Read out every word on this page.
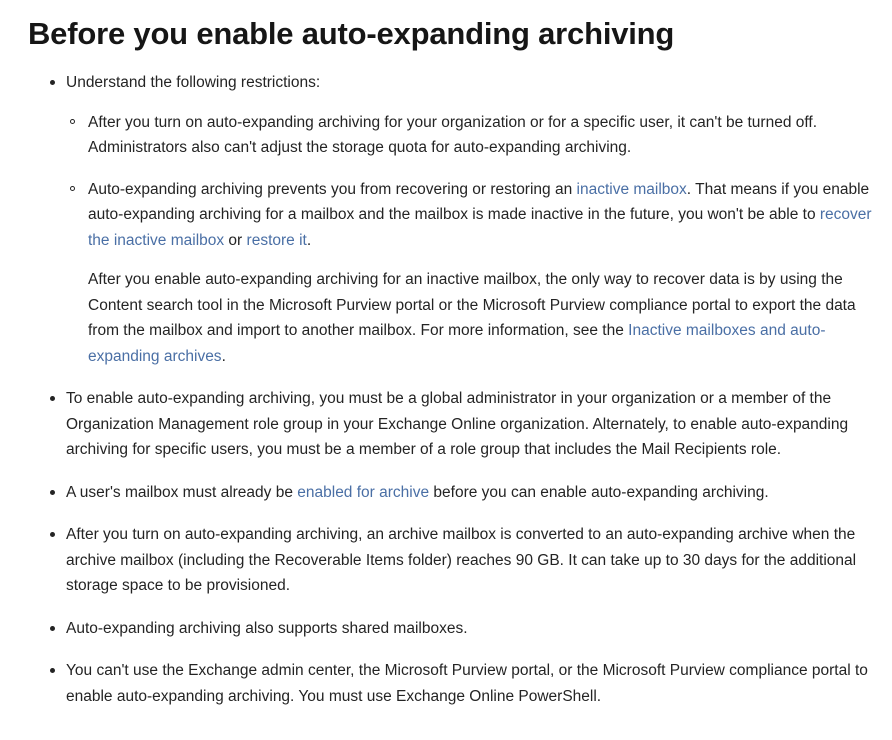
Before you enable auto-expanding archiving
Understand the following restrictions:
After you turn on auto-expanding archiving for your organization or for a specific user, it can't be turned off. Administrators also can't adjust the storage quota for auto-expanding archiving.
Auto-expanding archiving prevents you from recovering or restoring an inactive mailbox. That means if you enable auto-expanding archiving for a mailbox and the mailbox is made inactive in the future, you won't be able to recover the inactive mailbox or restore it.

After you enable auto-expanding archiving for an inactive mailbox, the only way to recover data is by using the Content search tool in the Microsoft Purview portal or the Microsoft Purview compliance portal to export the data from the mailbox and import to another mailbox. For more information, see the Inactive mailboxes and auto-expanding archives.

To enable auto-expanding archiving, you must be a global administrator in your organization or a member of the Organization Management role group in your Exchange Online organization. Alternately, to enable auto-expanding archiving for specific users, you must be a member of a role group that includes the Mail Recipients role.
A user's mailbox must already be enabled for archive before you can enable auto-expanding archiving.
After you turn on auto-expanding archiving, an archive mailbox is converted to an auto-expanding archive when the archive mailbox (including the Recoverable Items folder) reaches 90 GB. It can take up to 30 days for the additional storage space to be provisioned.
Auto-expanding archiving also supports shared mailboxes.
You can't use the Exchange admin center, the Microsoft Purview portal, or the Microsoft Purview compliance portal to enable auto-expanding archiving. You must use Exchange Online PowerShell.
